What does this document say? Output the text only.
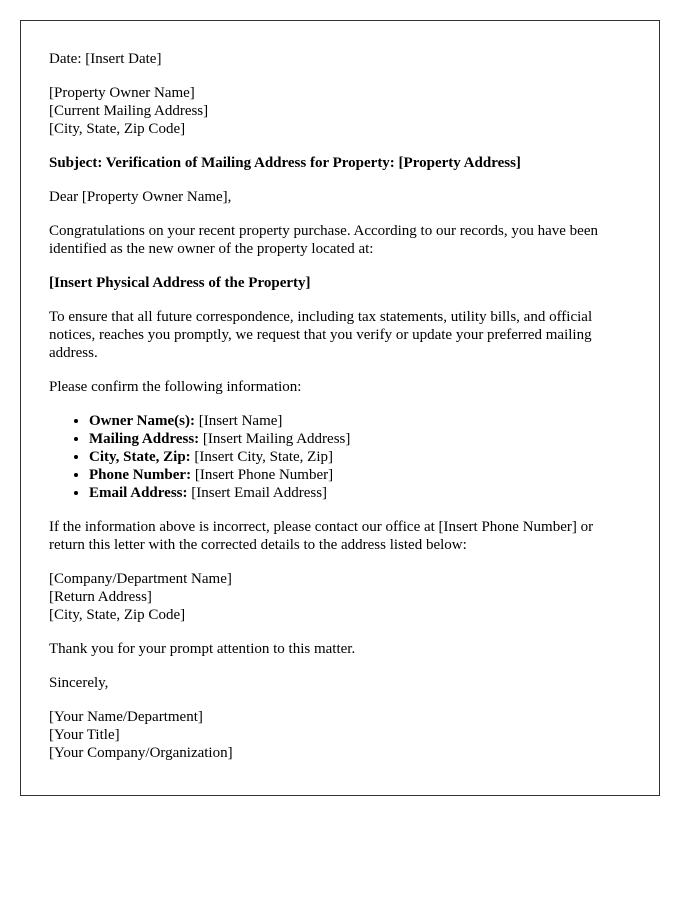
Date: [Insert Date]

[Property Owner Name]
[Current Mailing Address]
[City, State, Zip Code]

Subject: Verification of Mailing Address for Property: [Property Address]

Dear [Property Owner Name],

Congratulations on your recent property purchase. According to our records, you have been identified as the new owner of the property located at:

[Insert Physical Address of the Property]

To ensure that all future correspondence, including tax statements, utility bills, and official notices, reaches you promptly, we request that you verify or update your preferred mailing address.

Please confirm the following information:

• Owner Name(s): [Insert Name]
• Mailing Address: [Insert Mailing Address]
• City, State, Zip: [Insert City, State, Zip]
• Phone Number: [Insert Phone Number]
• Email Address: [Insert Email Address]

If the information above is incorrect, please contact our office at [Insert Phone Number] or return this letter with the corrected details to the address listed below:

[Company/Department Name]
[Return Address]
[City, State, Zip Code]

Thank you for your prompt attention to this matter.

Sincerely,

[Your Name/Department]
[Your Title]
[Your Company/Organization]
